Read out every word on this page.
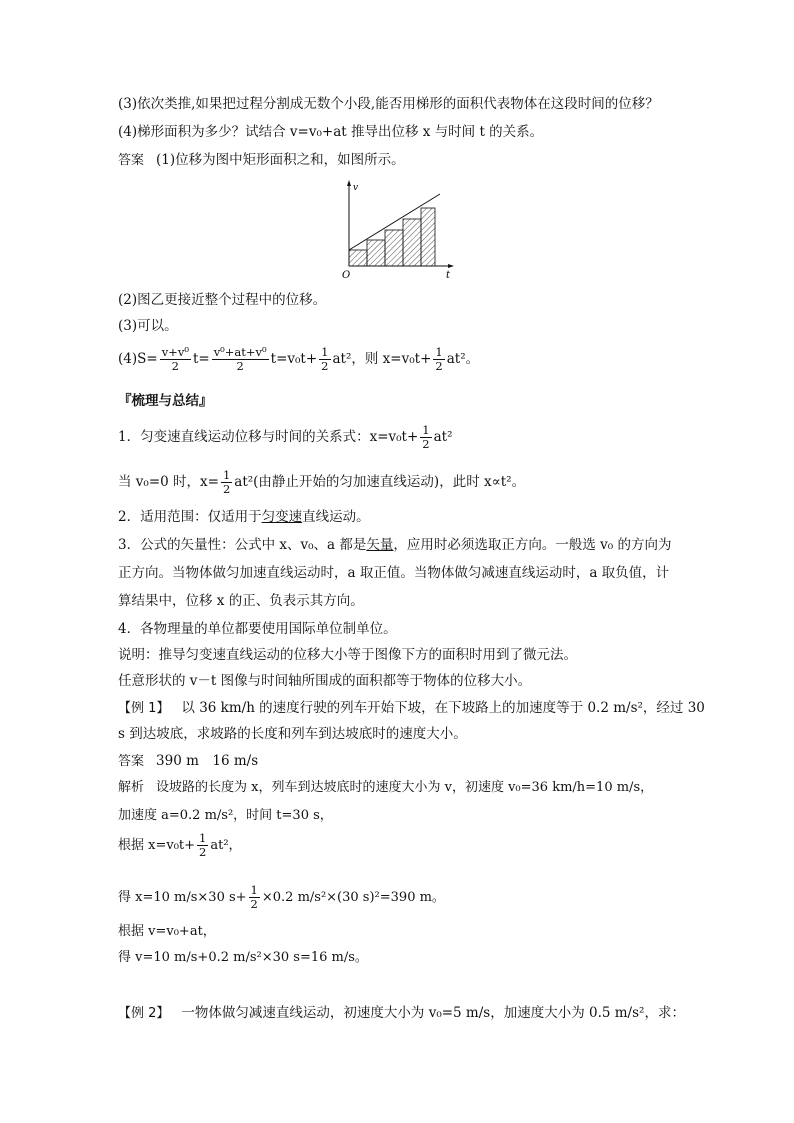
(3)依次类推,如果把过程分割成无数个小段,能否用梯形的面积代表物体在这段时间的位移？
(4)梯形面积为多少？试结合 v=v₀+at 推导出位移 x 与时间 t 的关系。
答案 (1)位移为图中矩形面积之和，如图所示。
v
t
O
(2)图乙更接近整个过程中的位移。
(3)可以。
$(4)S= \frac{\text{v+v⁰}}{2} t= \frac{\text{v⁰+at+v⁰}}{2} t=v_0t+ \frac{1}{2} at^2$，则 $x=v_0t+ \frac{1}{2} at^2$。
『梳理与总结』
1．匀变速直线运动位移与时间的关系式：$x=v_0t+ \frac{1}{2} at^2$
当 v₀=0 时，$x= \frac{1}{2} at^2$(由静止开始的匀加速直线运动)，此时 x∝t²。
2．适用范围：仅适用于匀变速直线运动。
3．公式的矢量性：公式中 x、v₀、a 都是矢量，应用时必须选取正方向。一般选 v₀ 的方向为
正方向。当物体做匀加速直线运动时，a 取正值。当物体做匀减速直线运动时，a 取负值，计
算结果中，位移 x 的正、负表示其方向。
4．各物理量的单位都要使用国际单位制单位。
说明：推导匀变速直线运动的位移大小等于图像下方的面积时用到了微元法。
任意形状的 v－t 图像与时间轴所围成的面积都等于物体的位移大小。
【例 1】 以 36 km/h 的速度行驶的列车开始下坡，在下坡路上的加速度等于 0.2 m/s²，经过 30
s 到达坡底，求坡路的长度和列车到达坡底时的速度大小。
答案 390 m　16 m/s
解析 设坡路的长度为 x，列车到达坡底时的速度大小为 v，初速度 v₀=36 km/h=10 m/s，
加速度 a=0.2 m/s²，时间 t=30 s，
根据 $x=v_0t+ \frac{1}{2} at^2$，
得 x=10 m/s×30 $s+ \frac{1}{2} \times 0.2$ m/s²×(30 s)²=390 m。
根据 v=v₀+at，
得 v=10 m/s+0.2 m/s²×30 s=16 m/s。
【例 2】 一物体做匀减速直线运动，初速度大小为 v₀=5 m/s，加速度大小为 0.5 m/s²，求：
